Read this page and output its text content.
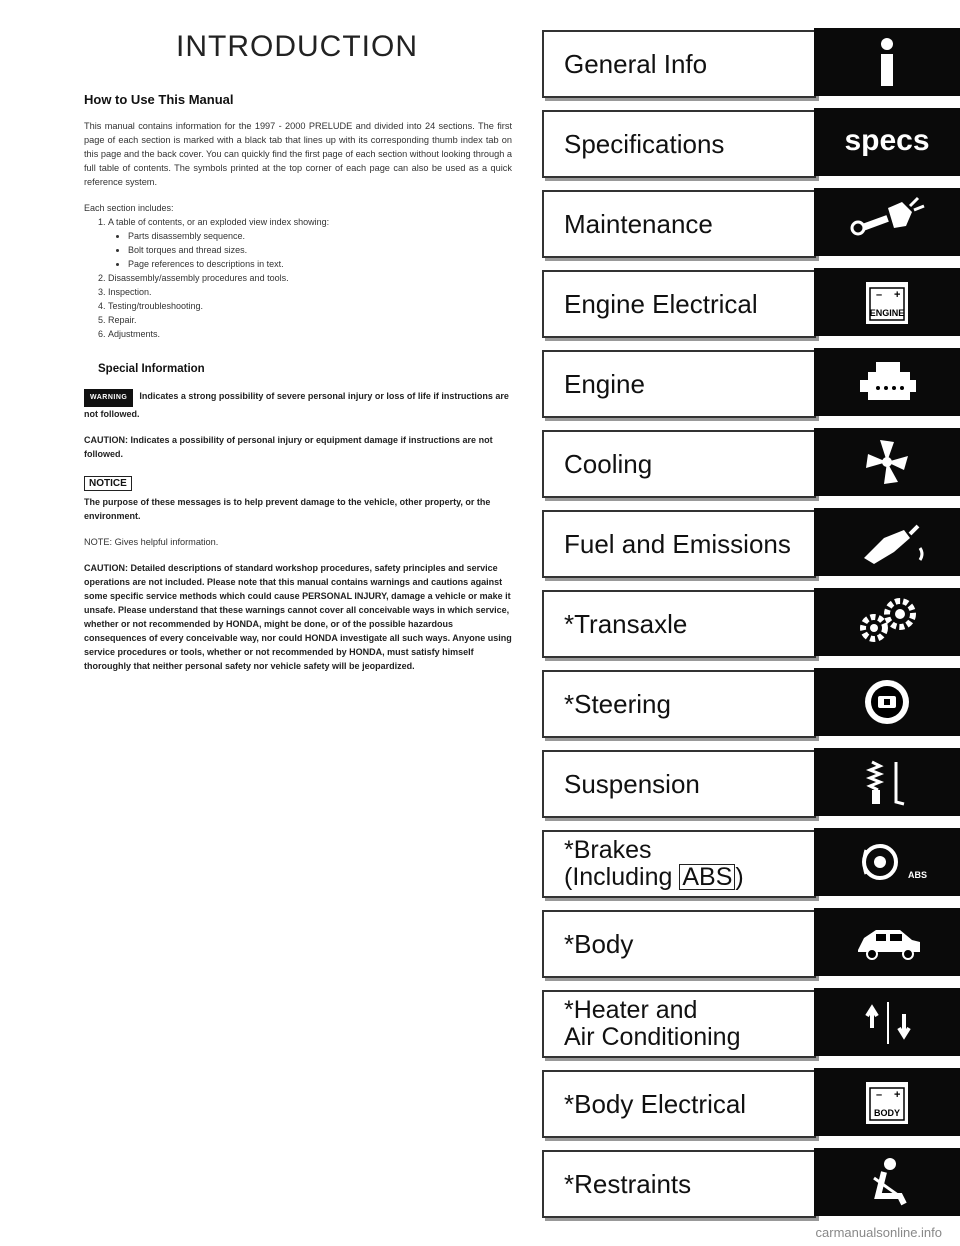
INTRODUCTION
How to Use This Manual

This manual contains information for the 1997 - 2000 PRELUDE and divided into 24 sections. The first page of each section is marked with a black tab that lines up with its corresponding thumb index tab on this page and the back cover. You can quickly find the first page of each section without looking through a full table of contents. The symbols printed at the top corner of each page can also be used as a quick reference system.

Each section includes:
1. A table of contents, or an exploded view index showing:
• Parts disassembly sequence.
• Bolt torques and thread sizes.
• Page references to descriptions in text.
2. Disassembly/assembly procedures and tools.
3. Inspection.
4. Testing/troubleshooting.
5. Repair.
6. Adjustments.
Special Information

WARNING Indicates a strong possibility of severe personal injury or loss of life if instructions are not followed.

CAUTION: Indicates a possibility of personal injury or equipment damage if instructions are not followed.

NOTICE

The purpose of these messages is to help prevent damage to the vehicle, other property, or the environment.

NOTE: Gives helpful information.

CAUTION: Detailed descriptions of standard workshop procedures, safety principles and service operations are not included. Please note that this manual contains warnings and cautions against some specific service methods which could cause PERSONAL INJURY, damage a vehicle or make it unsafe. Please understand that these warnings cannot cover all conceivable ways in which service, whether or not recommended by HONDA, might be done, or of the possible hazardous consequences of every conceivable way, nor could HONDA investigate all such ways. Anyone using service procedures or tools, whether or not recommended by HONDA, must satisfy himself thoroughly that neither personal safety nor vehicle safety will be jeopardized.

General Info
Specifications	specs
Maintenance
Engine Electrical	– +
ENGINE
Engine
Cooling
Fuel and Emissions
*Transaxle
*Steering
Suspension
*Brakes
(Including ABS )	ABS
*Body
*Heater and
Air Conditioning
*Body Electrical	– +
BODY
*Restraints
carmanualsonline.info
